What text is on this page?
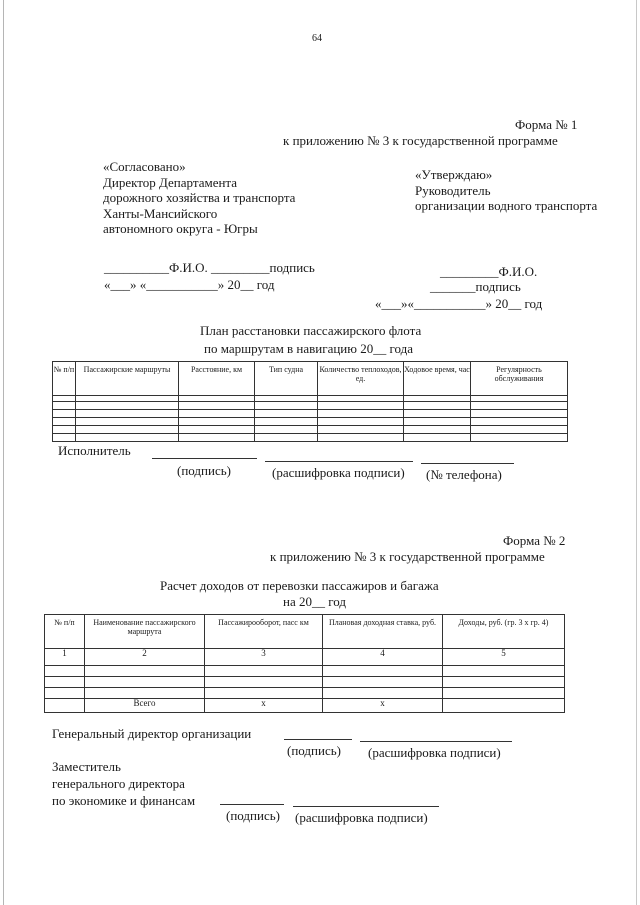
64
Форма № 1
к приложению № 3 к государственной программе
«Согласовано»
Директор Департамента
дорожного хозяйства и транспорта
Ханты-Мансийского
автономного округа - Югры
«Утверждаю»
Руководитель
организации водного транспорта
__________Ф.И.О. _________подпись
«___» «___________» 20__ год
_________Ф.И.О.
_______подпись
«___»«___________» 20__ год
План расстановки пассажирского флота
по маршрутам в навигацию 20__ года
№ п/п	Пассажирские маршруты	Расстояние, км	Тип судна	Количество теплоходов, ед.	Ходовое время, час	Регулярность обслуживания

Исполнитель
(подпись)	(расшифровка подписи) (№ телефона)
Форма № 2
к приложению № 3 к государственной программе
Расчет доходов от перевозки пассажиров и багажа
на 20__ год
№ п/п	Наименование пассажирского маршрута	Пассажирооборот, пасс км	Плановая доходная ставка, руб.	Доходы, руб. (гр. 3 х гр. 4)
1	2	3	4	5

	Всего	х	х	
Генеральный директор организации
(подпись) (расшифровка подписи)
Заместитель
генерального директора
по экономике и финансам
(подпись) (расшифровка подписи)
